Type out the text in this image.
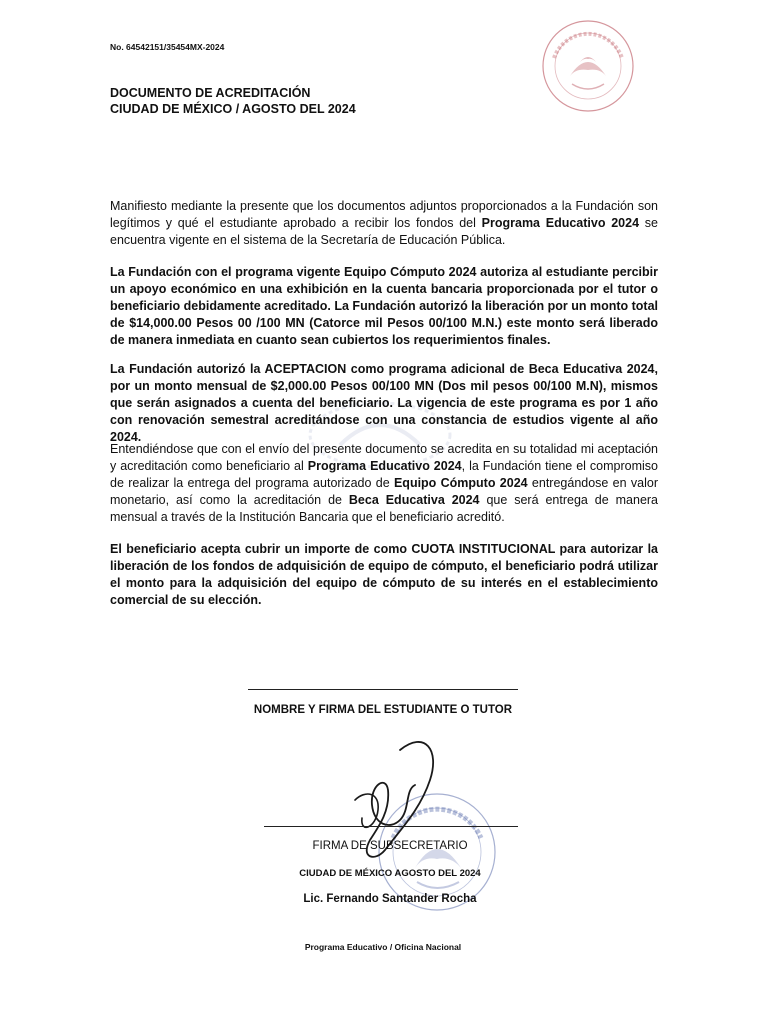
No. 64542151/35454MX-2024
DOCUMENTO DE ACREDITACIÓN
CIUDAD DE MÉXICO / AGOSTO DEL 2024
Manifiesto mediante la presente que los documentos adjuntos proporcionados a la Fundación son legítimos y qué el estudiante aprobado a recibir los fondos del Programa Educativo 2024 se encuentra vigente en el sistema de la Secretaría de Educación Pública.
La Fundación con el programa vigente Equipo Cómputo 2024 autoriza al estudiante percibir un apoyo económico en una exhibición en la cuenta bancaria proporcionada por el tutor o beneficiario debidamente acreditado. La Fundación autorizó la liberación por un monto total de $14,000.00 Pesos 00 /100 MN (Catorce mil Pesos 00/100 M.N.) este monto será liberado de manera inmediata en cuanto sean cubiertos los requerimientos finales.
La Fundación autorizó la ACEPTACION como programa adicional de Beca Educativa 2024, por un monto mensual de $2,000.00 Pesos 00/100 MN (Dos mil pesos 00/100 M.N), mismos que serán asignados a cuenta del beneficiario. La vigencia de este programa es por 1 año con renovación semestral acreditándose con una constancia de estudios vigente al año 2024.
Entendiéndose que con el envío del presente documento se acredita en su totalidad mi aceptación y acreditación como beneficiario al Programa Educativo 2024, la Fundación tiene el compromiso de realizar la entrega del programa autorizado de Equipo Cómputo 2024 entregándose en valor monetario, así como la acreditación de Beca Educativa 2024 que será entrega de manera mensual a través de la Institución Bancaria que el beneficiario acreditó.
El beneficiario acepta cubrir un importe de como CUOTA INSTITUCIONAL para autorizar la liberación de los fondos de adquisición de equipo de cómputo, el beneficiario podrá utilizar el monto para la adquisición del equipo de cómputo de su interés en el establecimiento comercial de su elección.
NOMBRE Y FIRMA DEL ESTUDIANTE O TUTOR
FIRMA DE SUBSECRETARIO
CIUDAD DE MÉXICO AGOSTO DEL 2024
Lic. Fernando Santander Rocha
Programa Educativo / Oficina Nacional
